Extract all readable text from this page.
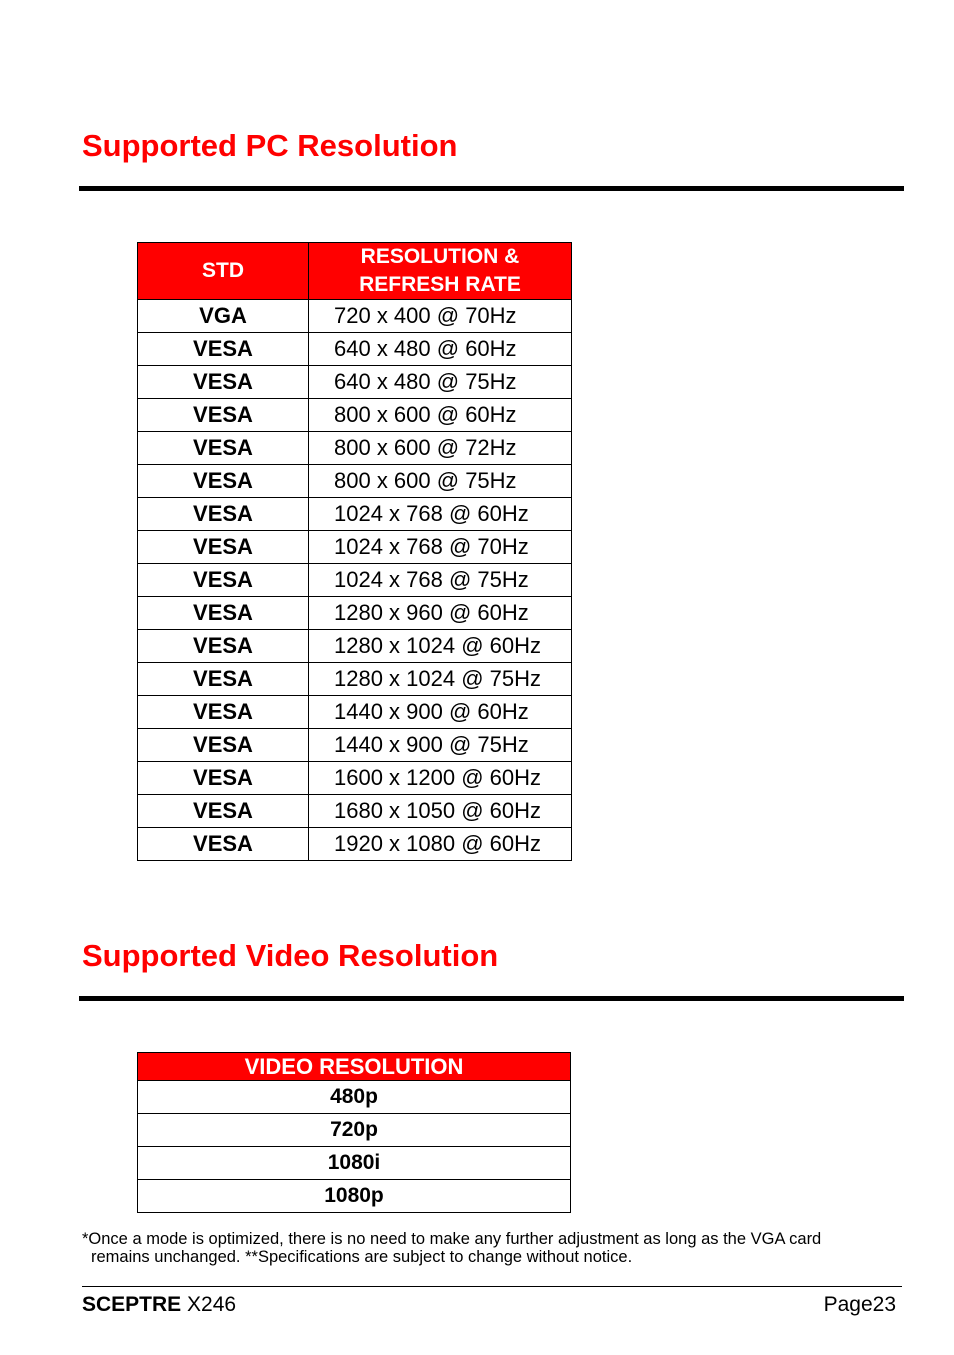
Supported PC Resolution
STD	RESOLUTION &
REFRESH RATE
VGA	720 x 400 @ 70Hz
VESA	640 x 480 @ 60Hz
VESA	640 x 480 @ 75Hz
VESA	800 x 600 @ 60Hz
VESA	800 x 600 @ 72Hz
VESA	800 x 600 @ 75Hz
VESA	1024 x 768 @ 60Hz
VESA	1024 x 768 @ 70Hz
VESA	1024 x 768 @ 75Hz
VESA	1280 x 960 @ 60Hz
VESA	1280 x 1024 @ 60Hz
VESA	1280 x 1024 @ 75Hz
VESA	1440 x 900 @ 60Hz
VESA	1440 x 900 @ 75Hz
VESA	1600 x 1200 @ 60Hz
VESA	1680 x 1050 @ 60Hz
VESA	1920 x 1080 @ 60Hz
Supported Video Resolution
VIDEO RESOLUTION
480p
720p
1080i
1080p

*Once a mode is optimized, there is no need to make any further adjustment as long as the VGA card
remains unchanged. **Specifications are subject to change without notice.

SCEPTRE X246	Page23
